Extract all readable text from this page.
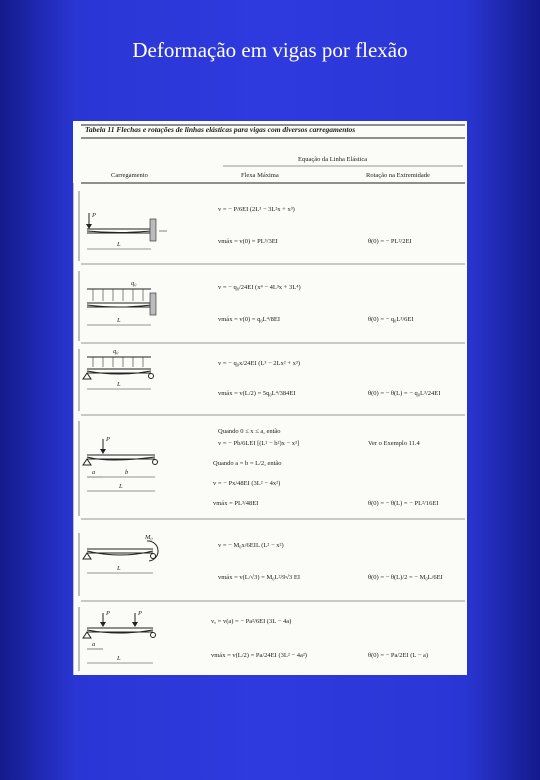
Deformação em vigas por flexão
Tabela 11 Flechas e rotações de linhas elásticas para vigas com diversos carregamentos
Equação da Linha Elástica
Carregamento	Flexa Máxima	Rotação na Extremidade
P
L
v = − P/6EI (2L³ − 3L²x + x³)
vmáx = v(0) = PL³/3EI	θ(0) = − PL²/2EI
q₀
L
v = − q₀/24EI (x⁴ − 4L³x + 3L⁴)
vmáx = v(0) = q₀L⁴/8EI	θ(0) = − q₀L³/6EI
q₀
L
v = − q₀x/24EI (L³ − 2Lx² + x³)
vmáx = v(L/2) = 5q₀L⁴/384EI	θ(0) = − θ(L) = − q₀L³/24EI
P
a	b
L
Quando 0 ≤ x ≤ a, então
v = − Pb/6LEI [(L² − b²)x − x³]	Ver o Exemplo 11.4
Quando a = b = L/2, então
v = − Px/48EI (3L² − 4x²)
vmáx = PL³/48EI	θ(0) = − θ(L) = − PL²/16EI
M₀
L
v = − M₀x/6EIL (L² − x²)
vmáx = v(L/√3) = M₀L²/9√3 EI	θ(0) = − θ(L)/2 = − M₀L/6EI
P	P
a
L
vₐ = v(a) = − Pa²/6EI (3L − 4a)
vmáx = v(L/2) = Pa/24EI (3L² − 4a²)	θ(0) = − Pa/2EI (L − a)
